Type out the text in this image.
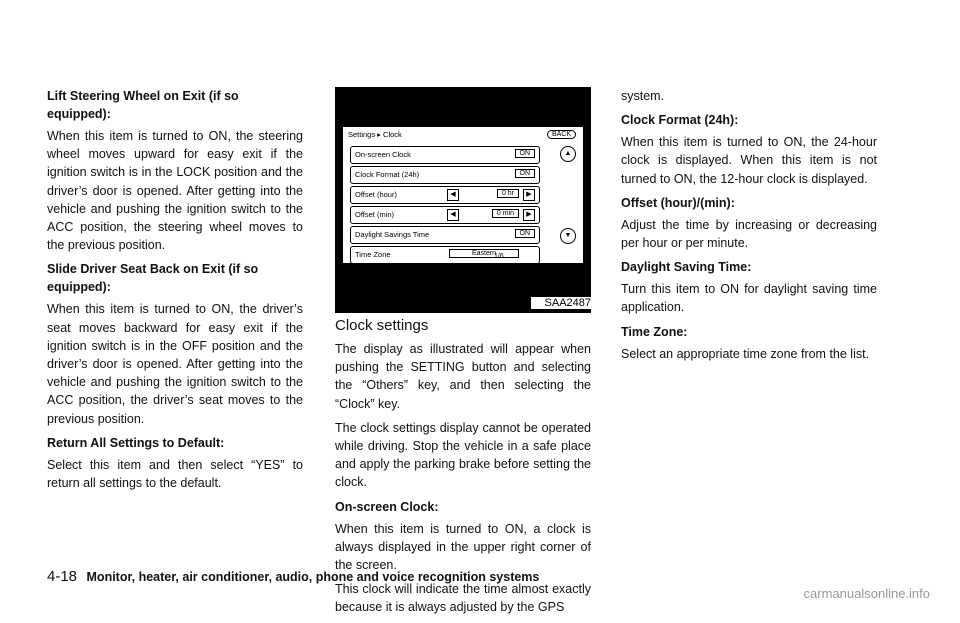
Lift Steering Wheel on Exit (if so equipped):
When this item is turned to ON, the steering wheel moves upward for easy exit if the ignition switch is in the LOCK position and the driver’s door is opened. After getting into the vehicle and pushing the ignition switch to the ACC position, the steering wheel moves to the previous position.
Slide Driver Seat Back on Exit (if so equipped):
When this item is turned to ON, the driver’s seat moves backward for easy exit if the ignition switch is in the OFF position and the driver’s door is opened. After getting into the vehicle and pushing the ignition switch to the ACC position, the driver’s seat moves to the previous position.
Return All Settings to Default:
Select this item and then select “YES” to return all settings to the default.
Settings ▸ Clock	BACK
On-screen Clock	ON
Clock Format (24h)	ON
Offset (hour)	◀	0 hr	▶
Offset (min)	◀	0 min	▶
Daylight Savings Time	ON
Time Zone	Eastern
▲
▼
1/6
SAA2487
Clock settings
The display as illustrated will appear when pushing the SETTING button and selecting the “Others” key, and then selecting the “Clock” key.
The clock settings display cannot be operated while driving. Stop the vehicle in a safe place and apply the parking brake before setting the clock.
On-screen Clock:
When this item is turned to ON, a clock is always displayed in the upper right corner of the screen.
This clock will indicate the time almost exactly because it is always adjusted by the GPS
system.
Clock Format (24h):
When this item is turned to ON, the 24-hour clock is displayed. When this item is not turned to ON, the 12-hour clock is displayed.
Offset (hour)/(min):
Adjust the time by increasing or decreasing per hour or per minute.
Daylight Saving Time:
Turn this item to ON for daylight saving time application.
Time Zone:
Select an appropriate time zone from the list.
4-18 Monitor, heater, air conditioner, audio, phone and voice recognition systems
carmanualsonline.info
